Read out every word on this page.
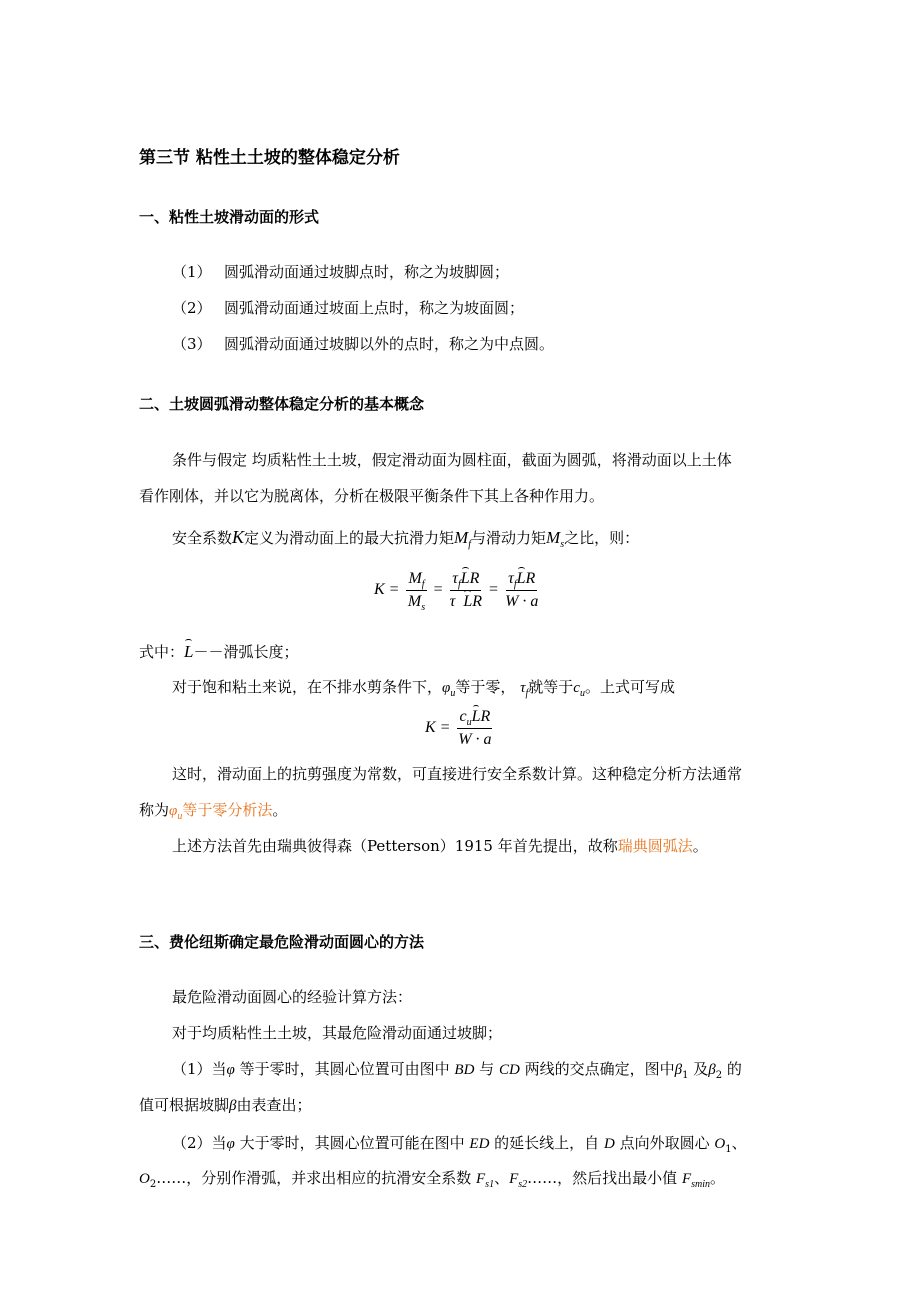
第三节 粘性土土坡的整体稳定分析
一、粘性土坡滑动面的形式
（1） 圆弧滑动面通过坡脚点时，称之为坡脚圆；
（2） 圆弧滑动面通过坡面上点时，称之为坡面圆；
（3） 圆弧滑动面通过坡脚以外的点时，称之为中点圆。
二、土坡圆弧滑动整体稳定分析的基本概念
条件与假定 均质粘性土土坡，假定滑动面为圆柱面，截面为圆弧，将滑动面以上土体
看作刚体，并以它为脱离体，分析在极限平衡条件下其上各种作用力。
安全系数K定义为滑动面上的最大抗滑力矩$M_f$与滑动力矩$M_s$之比，则：
$K = \frac{M_f}{M_s} = \frac{\tau_fLR}{\text{τ LR}} = \frac{\tau_fLR}{W \cdot a}$
式中：L－－滑弧长度；
对于饱和粘土来说，在不排水剪条件下，$\varphi_u$等于零， $\tau_f$就等于$c_u$。上式可写成
$K = \frac{c_uLR}{W \cdot a}$
这时，滑动面上的抗剪强度为常数，可直接进行安全系数计算。这种稳定分析方法通常
称为$\varphi_u$等于零分析法。
上述方法首先由瑞典彼得森（Petterson）1915 年首先提出，故称瑞典圆弧法。
三、费伦纽斯确定最危险滑动面圆心的方法
最危险滑动面圆心的经验计算方法：
对于均质粘性土土坡，其最危险滑动面通过坡脚；
（1）当φ 等于零时，其圆心位置可由图中 BD 与 CD 两线的交点确定，图中$\beta_1$ 及$\beta_2$ 的
值可根据坡脚β由表查出；
（2）当φ 大于零时，其圆心位置可能在图中 ED 的延长线上，自 D 点向外取圆心 $O_1$、
$O_2\dots\dots$，分别作滑弧，并求出相应的抗滑安全系数 $F_{s1}$、$F_{s2}\dots\dots$，然后找出最小值 $F_{smin}$。
